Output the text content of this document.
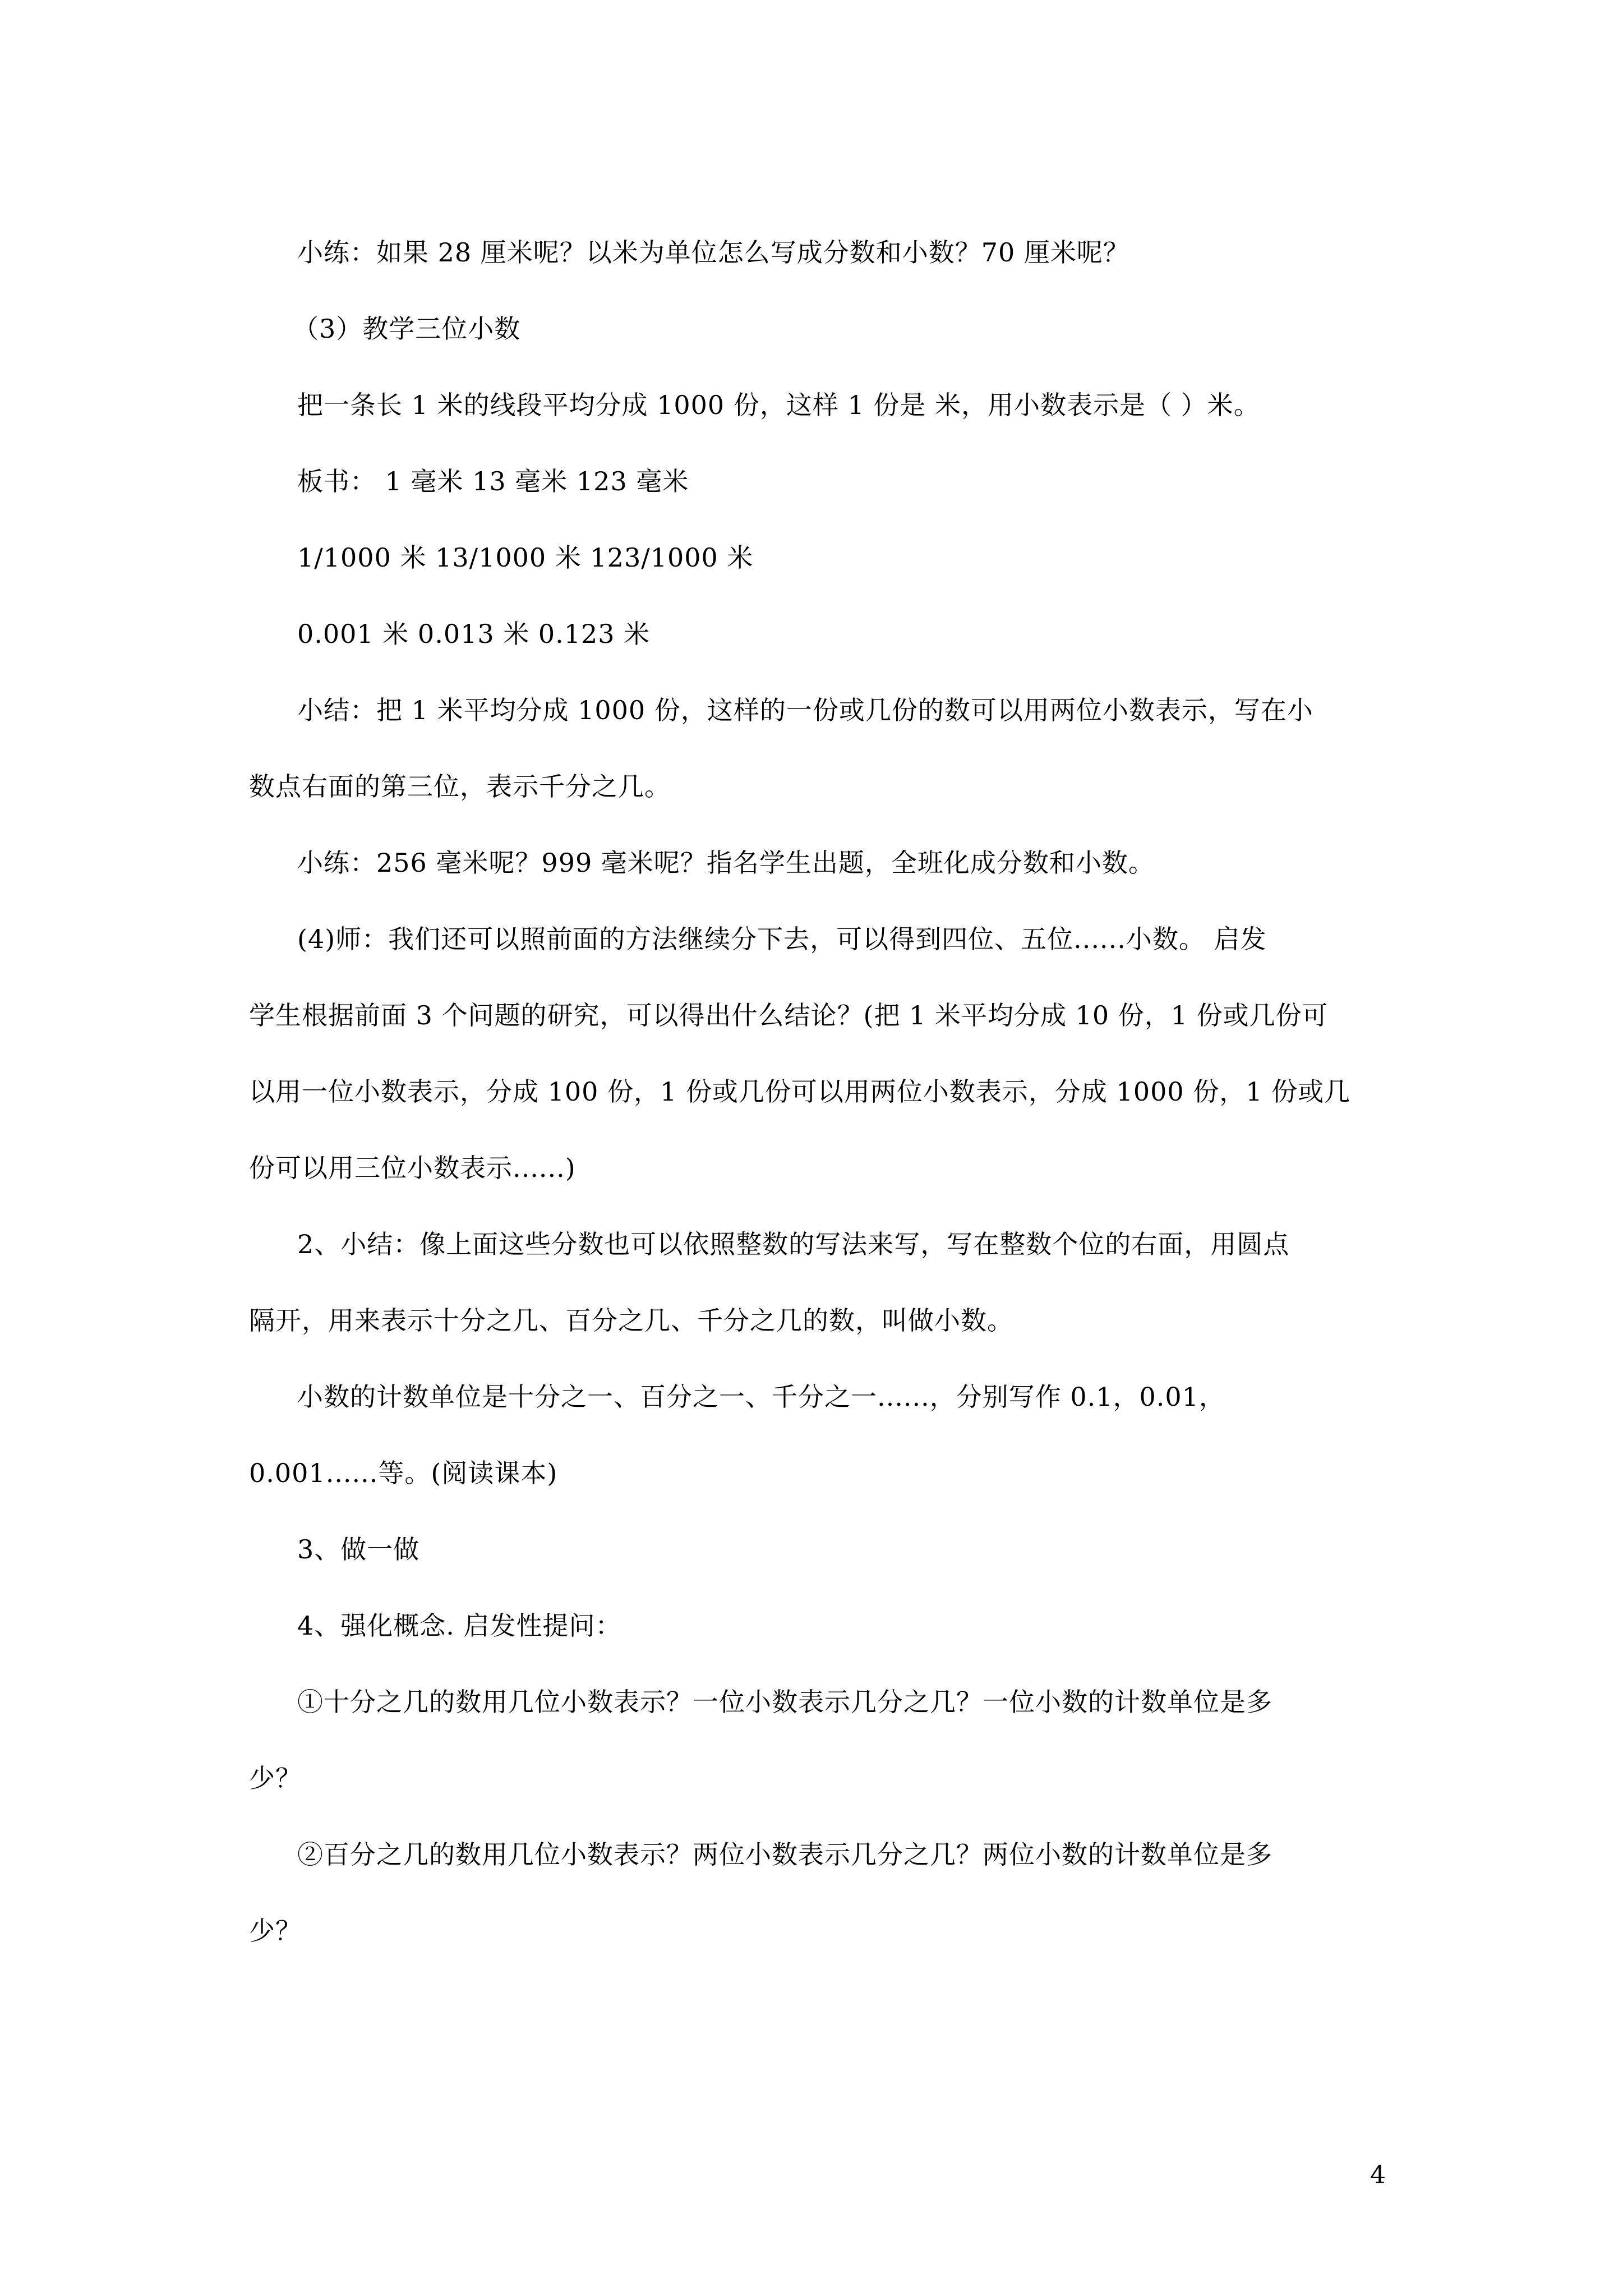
小练：如果 28 厘米呢？以米为单位怎么写成分数和小数？70 厘米呢？
（3）教学三位小数
把一条长 1 米的线段平均分成 1000 份，这样 1 份是 米，用小数表示是（ ）米。
板书： 1 毫米 13 毫米 123 毫米
1/1000 米 13/1000 米 123/1000 米
0.001 米 0.013 米 0.123 米
小结：把 1 米平均分成 1000 份，这样的一份或几份的数可以用两位小数表示，写在小
数点右面的第三位，表示千分之几。
小练：256 毫米呢？999 毫米呢？指名学生出题，全班化成分数和小数。
(4)师：我们还可以照前面的方法继续分下去，可以得到四位、五位......小数。 启发
学生根据前面 3 个问题的研究，可以得出什么结论？(把 1 米平均分成 10 份，1 份或几份可
以用一位小数表示，分成 100 份，1 份或几份可以用两位小数表示，分成 1000 份，1 份或几
份可以用三位小数表示......)
2、小结：像上面这些分数也可以依照整数的写法来写，写在整数个位的右面，用圆点
隔开，用来表示十分之几、百分之几、千分之几的数，叫做小数。
小数的计数单位是十分之一、百分之一、千分之一......，分别写作 0.1，0.01，
0.001......等。(阅读课本)
3、做一做
4、强化概念. 启发性提问：
①十分之几的数用几位小数表示？一位小数表示几分之几？一位小数的计数单位是多
少？
②百分之几的数用几位小数表示？两位小数表示几分之几？两位小数的计数单位是多
少？
4
